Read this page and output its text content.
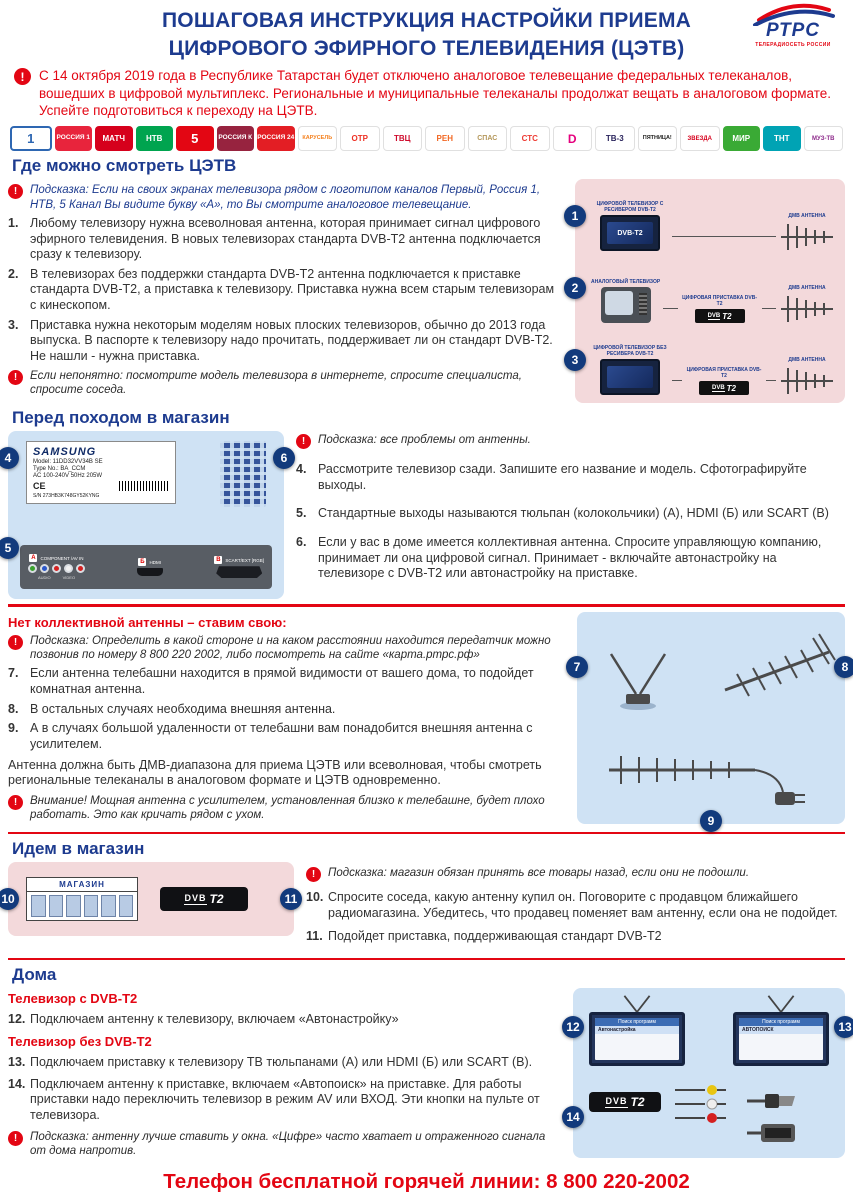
ПОШАГОВАЯ ИНСТРУКЦИЯ НАСТРОЙКИ ПРИЕМА
ЦИФРОВОГО ЭФИРНОГО ТЕЛЕВИДЕНИЯ (ЦЭТВ)
РТРС
ТЕЛЕРАДИОСЕТЬ РОССИИ
!	С 14 октября 2019 года в Республике Татарстан будет отключено аналоговое телевещание федеральных телеканалов, вошедших в цифровой мультиплекс. Региональные и муниципальные телеканалы продолжат вещать в аналоговом формате. Успейте подготовиться к переходу на ЦЭТВ.

1	РОССИЯ 1	МАТЧ	НТВ	5	РОССИЯ К РОССИЯ 24	КАРУСЕЛЬ	ОТР	ТВЦ	РЕН	СПАС	СТС	D	ТВ-3	ПЯТНИЦА!	ЗВЕЗДА	МИР	ТНТ	МУЗ-ТВ
Где можно смотреть ЦЭТВ
!	Подсказка: Если на своих экранах телевизора рядом с логотипом каналов Первый, Россия 1, НТВ, 5 Канал Вы видите букву «А», то Вы смотрите аналоговое телевещание.

1. Любому телевизору нужна всеволновая антенна, которая принимает сигнал цифрового эфирного телевидения. В новых телевизорах стандарта DVB-T2 антенна подключается сразу к телевизору.

2. В телевизорах без поддержки стандарта DVB-T2 антенна подключается к приставке стандарта DVB-T2, а приставка к телевизору. Приставка нужна всем старым телевизорам с кинескопом.

3. Приставка нужна некоторым моделям новых плоских телевизоров, обычно до 2013 года выпуска. В паспорте к телевизору надо прочитать, поддерживает ли он стандарт DVB-T2. Не нашли - нужна приставка.

!	Если непонятно: посмотрите модель телевизора в интернете, спросите специалиста, спросите соседа.

1
2
3
ЦИФРОВОЙ ТЕЛЕВИЗОР С РЕСИВЕРОМ DVB-T2
DVB-T2
ДМВ АНТЕННА
АНАЛОГОВЫЙ ТЕЛЕВИЗОР
ЦИФРОВАЯ ПРИСТАВКА DVB-T2
DVB T2
ДМВ АНТЕННА
ЦИФРОВОЙ ТЕЛЕВИЗОР БЕЗ РЕСИВЕРА DVB-T2
ЦИФРОВАЯ ПРИСТАВКА DVB-T2
DVB T2
ДМВ АНТЕННА
Перед походом в магазин
4
5
6
SAMSUNG
Model: 11DD32VV34B SE
Type No.: BA_CCM
AC 100-240V 50Hz 205W
CE
S/N 273HB3K748GY52KYNG
А	COMPONENT /AV IN
AUDIO	VIDEO
Б	HDMI	В	SCART/EXT [RGB]
!	Подсказка: все проблемы от антенны.

4. Рассмотрите телевизор сзади. Запишите его название и модель. Сфотографируйте выходы.

5. Стандартные выходы называются тюльпан (колокольчики) (А), HDMI (Б) или SCART (В)

6. Если у вас в доме имеется коллективная антенна. Спросите управляющую компанию, принимает ли она цифровой сигнал. Принимает - включайте автонастройку на телевизоре с DVB-T2 или автонастройку на приставке.

Нет коллективной антенны – ставим свою:
!	Подсказка: Определить в какой стороне и на каком расстоянии находится передатчик можно позвонив по номеру 8 800 220 2002, либо посмотреть на сайте «карта.ртрс.рф»

7. Если антенна телебашни находится в прямой видимости от вашего дома, то подойдет комнатная антенна.

8. В остальных случаях необходима внешняя антенна.

9. А в случаях большой удаленности от телебашни вам понадобится внешняя антенна с усилителем.

Антенна должна быть ДМВ-диапазона для приема ЦЭТВ или всеволновая, чтобы смотреть региональные телеканалы в аналоговом формате и ЦЭТВ одновременно.

!	Внимание! Мощная антенна с усилителем, установленная близко к телебашне, будет плохо работать. Это как кричать рядом с ухом.

7	8
9
Идем в магазин
10
МАГАЗИН
DVB T2	11
!	Подсказка: магазин обязан принять все товары назад, если они не подошли.

10. Спросите соседа, какую антенну купил он. Поговорите с продавцом ближайшего радиомагазина. Убедитесь, что продавец поменяет вам антенну, если она не подойдет.

11. Подойдет приставка, поддерживающая стандарт DVB-T2

Дома
Телевизор с DVB-T2
12. Подключаем антенну к телевизору, включаем «Автонастройку»

Телевизор без DVB-T2
13. Подключаем приставку к телевизору ТВ тюльпанами (А) или HDMI (Б) или SCART (В).

14. Подключаем антенну к приставке, включаем «Автопоиск» на приставке. Для работы приставки надо переключить телевизор в режим AV или ВХОД. Эти кнопки на пульте от телевизора.

!	Подсказка: антенну лучше ставить у окна. «Цифре» часто хватает и отраженного сигнала от дома напротив.

12	13
14
Поиск программ
Автонастройка
Поиск программ
АВТОПОИСК
DVB T2
Телефон бесплатной горячей линии: 8 800 220-2002
